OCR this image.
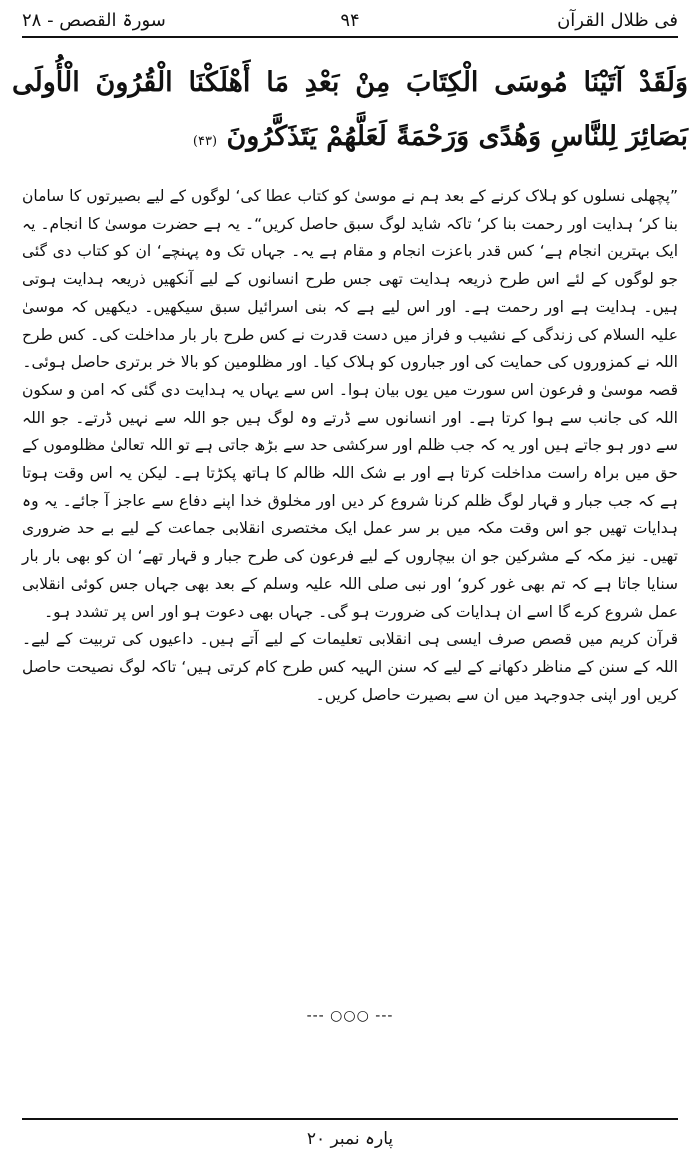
فی ظلال القرآن
۹۴
سورۃ القصص - ۲۸
وَلَقَدْ آتَيْنَا مُوسَى الْكِتَابَ مِنْ بَعْدِ مَا أَهْلَكْنَا الْقُرُونَ الْأُولَى بَصَائِرَ لِلنَّاسِ وَهُدًى وَرَحْمَةً لَعَلَّهُمْ يَتَذَكَّرُونَ (۴۳)

”پچھلی نسلوں کو ہلاک کرنے کے بعد ہم نے موسیٰ کو کتاب عطا کی‘ لوگوں کے لیے بصیرتوں کا سامان بنا کر‘ ہدایت اور رحمت بنا کر‘ تاکہ شاید لوگ سبق حاصل کریں“۔ یہ ہے حضرت موسیٰ کا انجام۔ یہ ایک بہترین انجام ہے‘ کس قدر باعزت انجام و مقام ہے یہ۔ جہاں تک وہ پہنچے‘ ان کو کتاب دی گئی جو لوگوں کے لئے اس طرح ذریعہ ہدایت تھی جس طرح انسانوں کے لیے آنکھیں ذریعہ ہدایت ہوتی ہیں۔ ہدایت ہے اور رحمت ہے۔ اور اس لیے ہے کہ بنی اسرائیل سبق سیکھیں۔ دیکھیں کہ موسیٰ علیہ السلام کی زندگی کے نشیب و فراز میں دست قدرت نے کس طرح بار بار مداخلت کی۔ کس طرح اللہ نے کمزوروں کی حمایت کی اور جباروں کو ہلاک کیا۔ اور مظلومین کو بالا خر برتری حاصل ہوئی۔

قصہ موسیٰ و فرعون اس سورت میں یوں بیان ہوا۔ اس سے یہاں یہ ہدایت دی گئی کہ امن و سکون اللہ کی جانب سے ہوا کرتا ہے۔ اور انسانوں سے ڈرتے وہ لوگ ہیں جو اللہ سے نہیں ڈرتے۔ جو اللہ سے دور ہو جاتے ہیں اور یہ کہ جب ظلم اور سرکشی حد سے بڑھ جاتی ہے تو اللہ تعالیٰ مظلوموں کے حق میں براہ راست مداخلت کرتا ہے اور بے شک اللہ ظالم کا ہاتھ پکڑتا ہے۔ لیکن یہ اس وقت ہوتا ہے کہ جب جبار و قہار لوگ ظلم کرنا شروع کر دیں اور مخلوق خدا اپنے دفاع سے عاجز آ جائے۔ یہ وہ ہدایات تھیں جو اس وقت مکہ میں بر سر عمل ایک مختصری انقلابی جماعت کے لیے بے حد ضروری تھیں۔ نیز مکہ کے مشرکین جو ان بیچاروں کے لیے فرعون کی طرح جبار و قہار تھے‘ ان کو بھی بار بار سنایا جاتا ہے کہ تم بھی غور کرو‘ اور نبی صلی اللہ علیہ وسلم کے بعد بھی جہاں جس کوئی انقلابی عمل شروع کرے گا اسے ان ہدایات کی ضرورت ہو گی۔ جہاں بھی دعوت ہو اور اس پر تشدد ہو۔

قرآن کریم میں قصص صرف ایسی ہی انقلابی تعلیمات کے لیے آتے ہیں۔ داعیوں کی تربیت کے لیے۔ اللہ کے سنن کے مناظر دکھانے کے لیے کہ سنن الہیہ کس طرح کام کرتی ہیں‘ تاکہ لوگ نصیحت حاصل کریں اور اپنی جدوجہد میں ان سے بصیرت حاصل کریں۔

--- ○○○ ---
پارہ نمبر ۲۰
